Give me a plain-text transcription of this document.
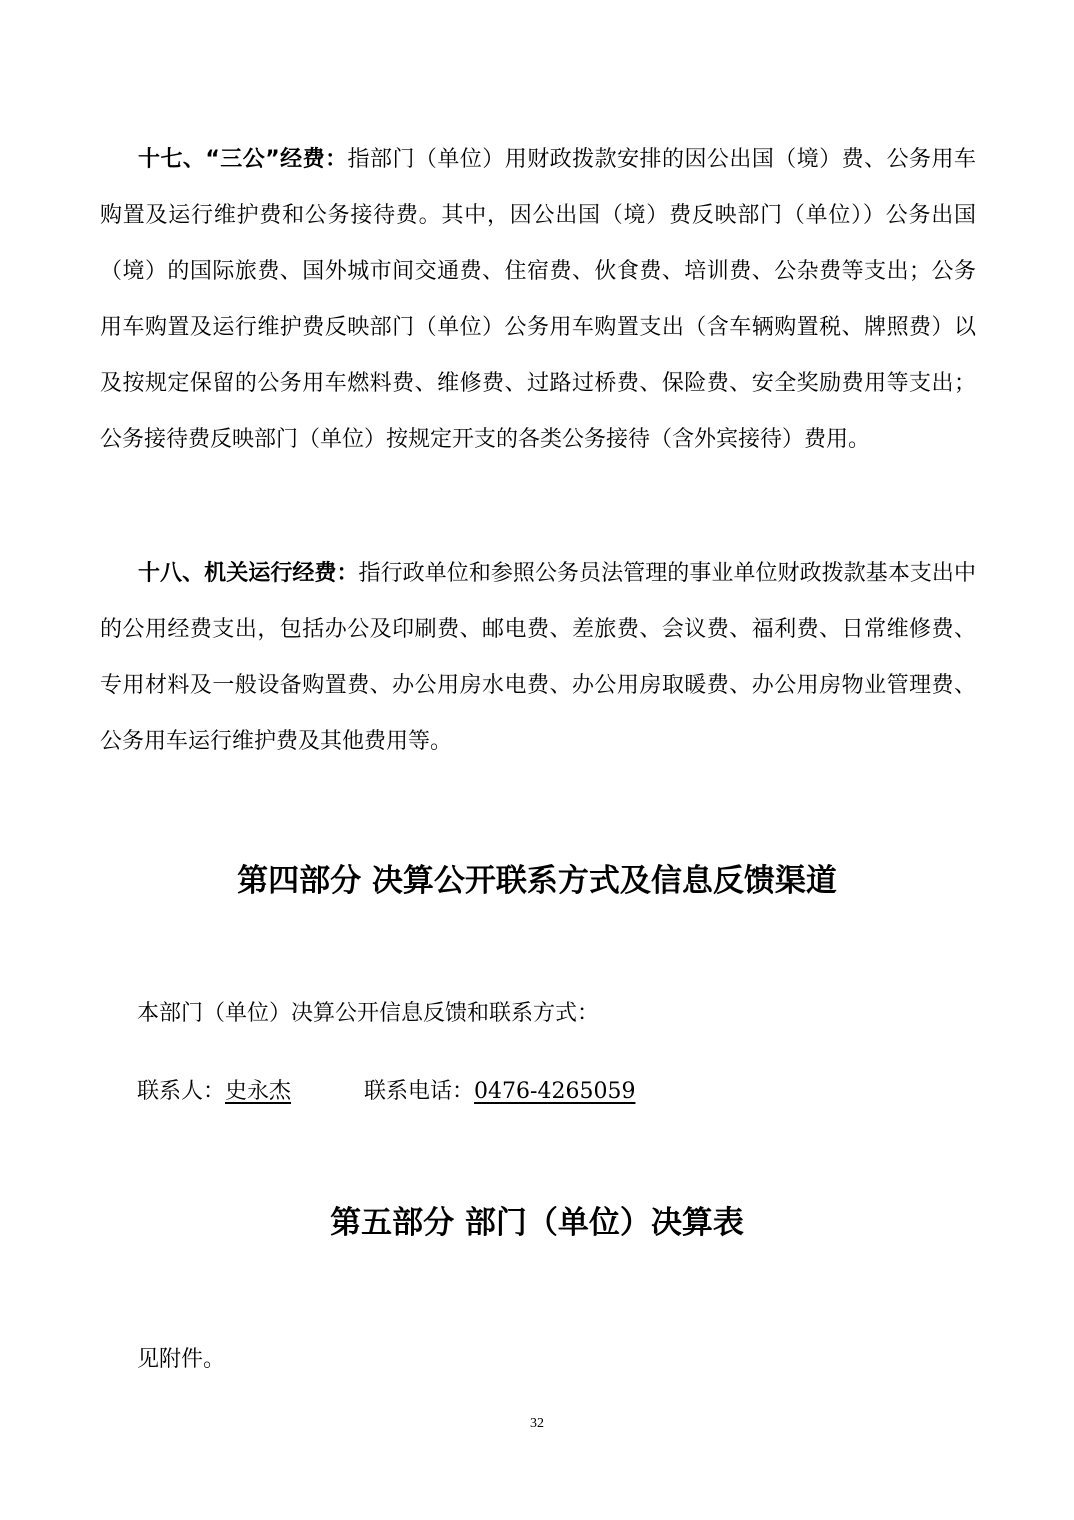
十七、“三公”经费：指部门（单位）用财政拨款安排的因公出国（境）费、公务用车购置及运行维护费和公务接待费。其中，因公出国（境）费反映部门（单位））公务出国（境）的国际旅费、国外城市间交通费、住宿费、伙食费、培训费、公杂费等支出；公务用车购置及运行维护费反映部门（单位）公务用车购置支出（含车辆购置税、牌照费）以及按规定保留的公务用车燃料费、维修费、过路过桥费、保险费、安全奖励费用等支出；公务接待费反映部门（单位）按规定开支的各类公务接待（含外宾接待）费用。

十八、机关运行经费：指行政单位和参照公务员法管理的事业单位财政拨款基本支出中的公用经费支出，包括办公及印刷费、邮电费、差旅费、会议费、福利费、日常维修费、专用材料及一般设备购置费、办公用房水电费、办公用房取暖费、办公用房物业管理费、公务用车运行维护费及其他费用等。

第四部分 决算公开联系方式及信息反馈渠道

本部门（单位）决算公开信息反馈和联系方式：

联系人：史永杰	联系电话：0476-4265059

第五部分 部门（单位）决算表

见附件。

32
